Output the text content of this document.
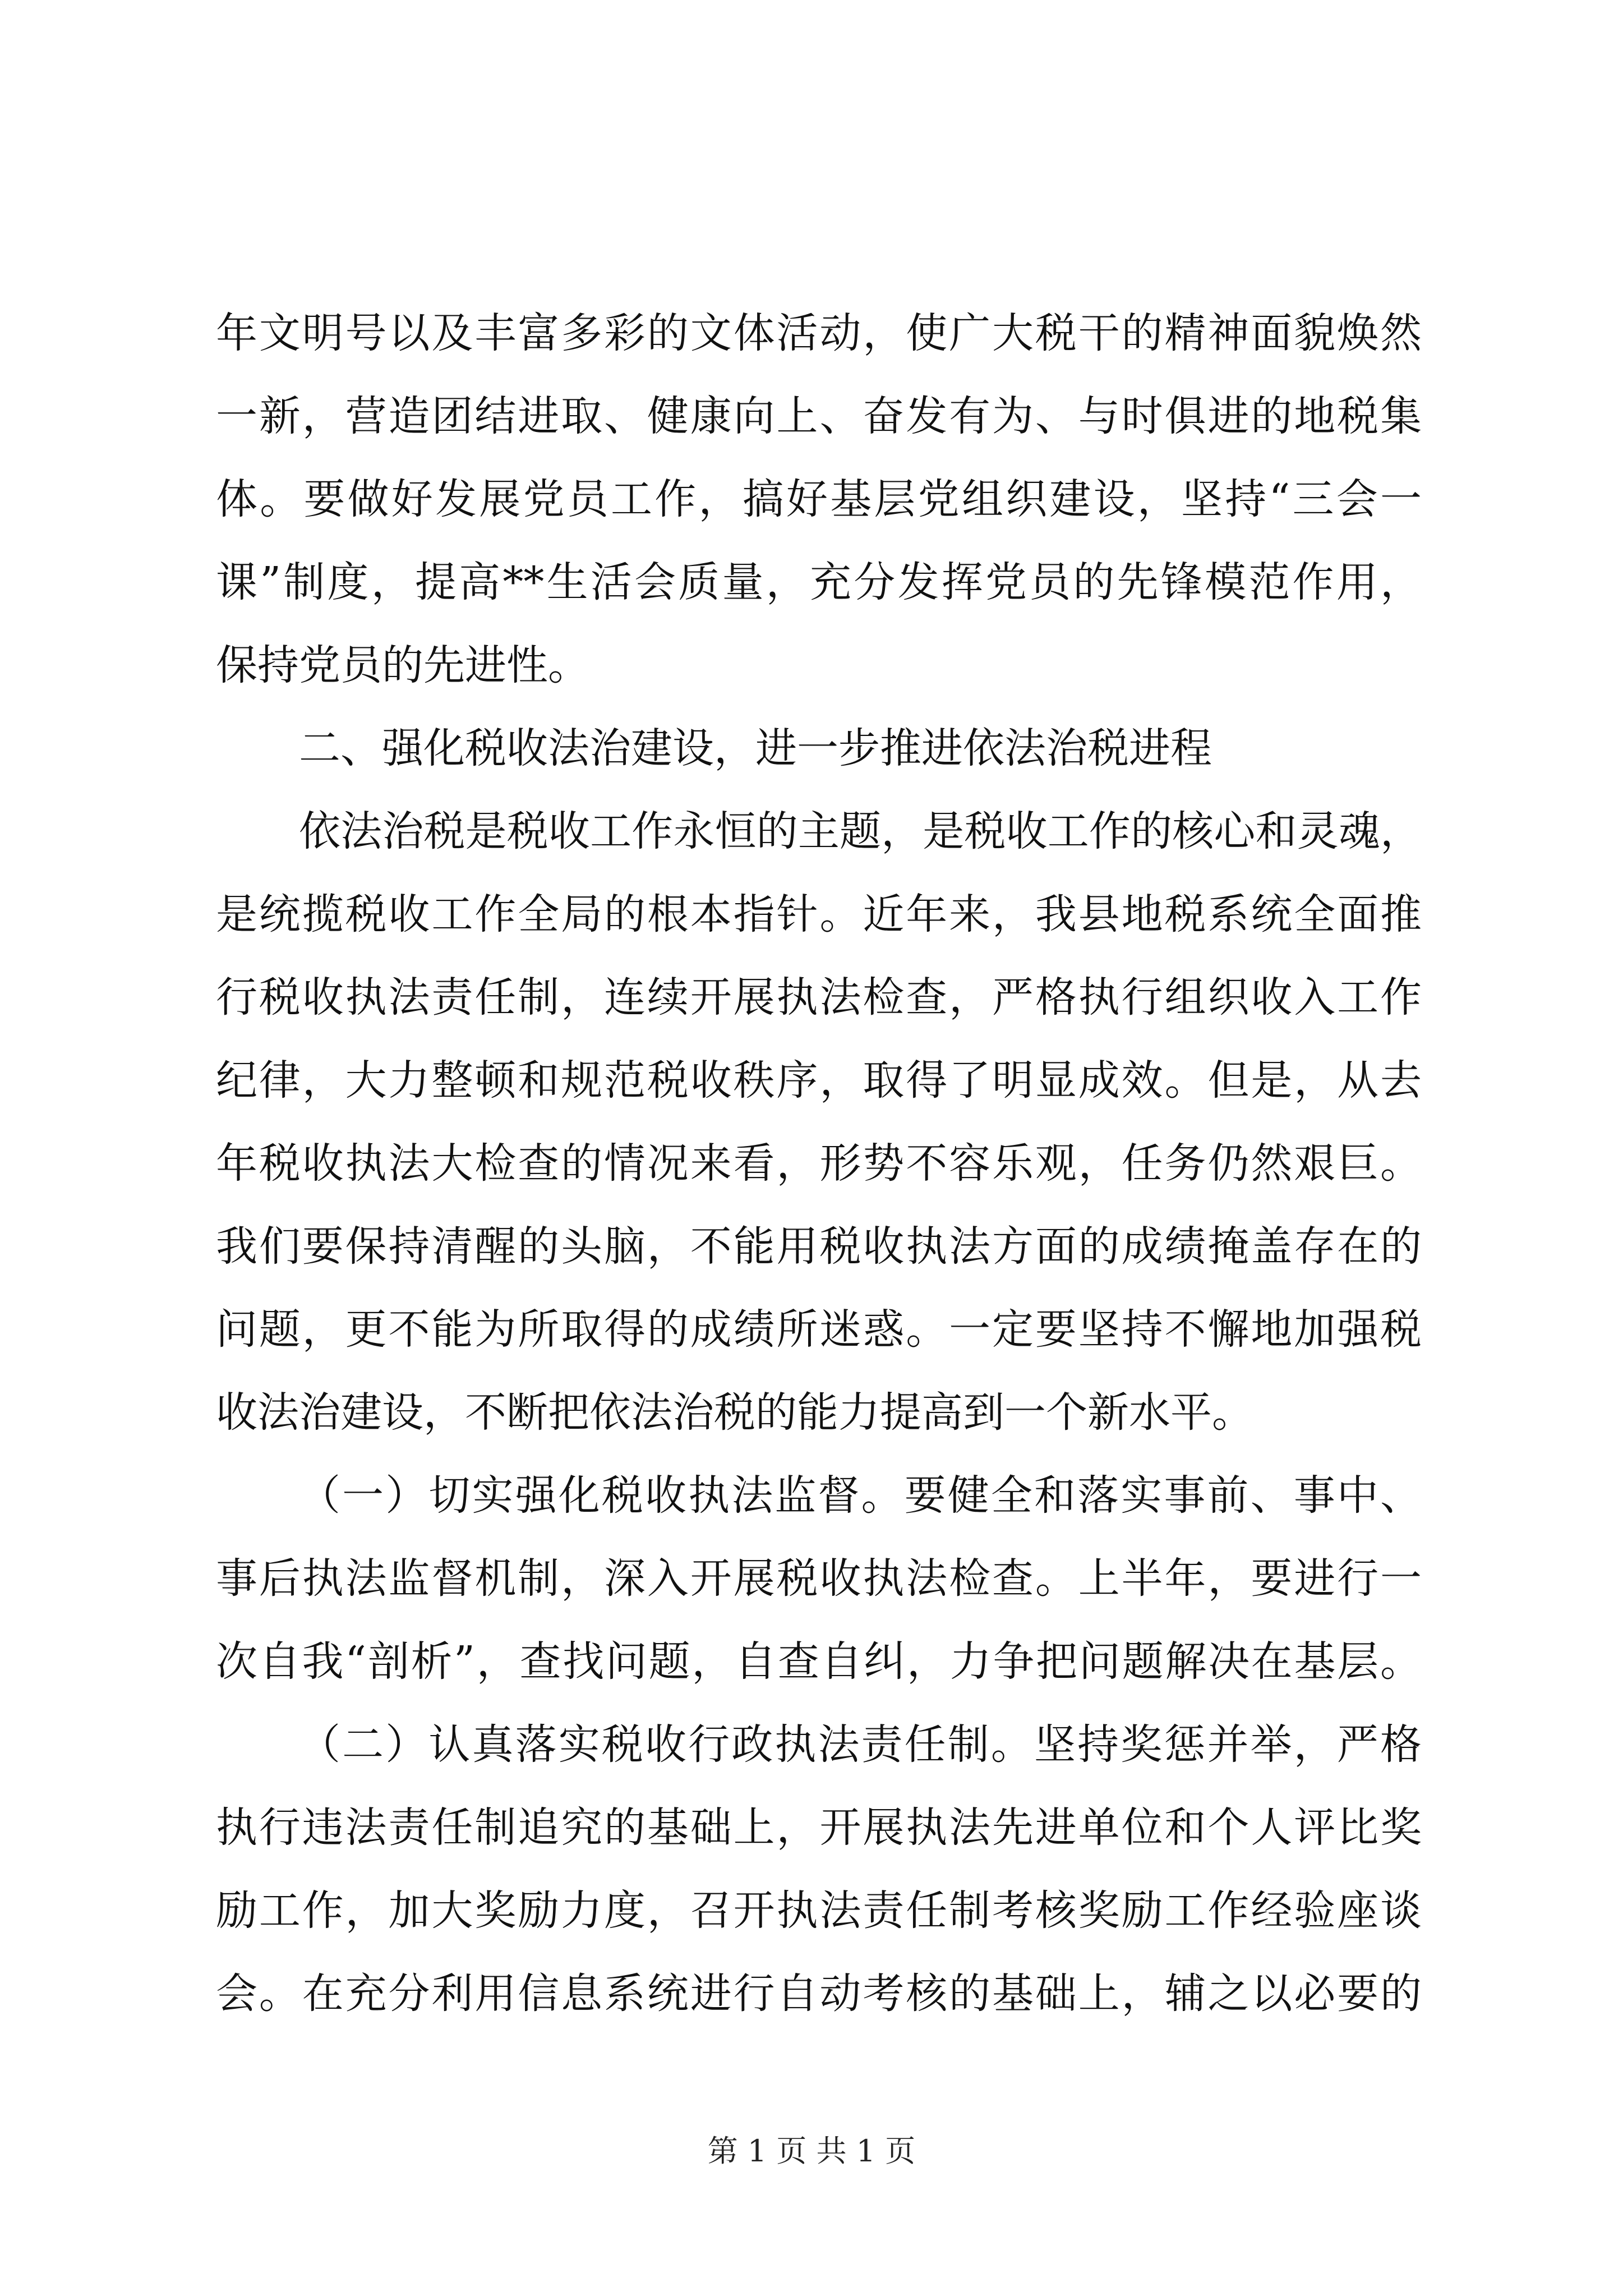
年文明号以及丰富多彩的文体活动，使广大税干的精神面貌焕然
一新，营造团结进取、健康向上、奋发有为、与时俱进的地税集
体。要做好发展党员工作，搞好基层党组织建设，坚持“三会一
课”制度，提高**生活会质量，充分发挥党员的先锋模范作用，
保持党员的先进性。
二、强化税收法治建设，进一步推进依法治税进程
依法治税是税收工作永恒的主题，是税收工作的核心和灵魂，
是统揽税收工作全局的根本指针。近年来，我县地税系统全面推
行税收执法责任制，连续开展执法检查，严格执行组织收入工作
纪律，大力整顿和规范税收秩序，取得了明显成效。但是，从去
年税收执法大检查的情况来看，形势不容乐观，任务仍然艰巨。
我们要保持清醒的头脑，不能用税收执法方面的成绩掩盖存在的
问题，更不能为所取得的成绩所迷惑。一定要坚持不懈地加强税
收法治建设，不断把依法治税的能力提高到一个新水平。
（一）切实强化税收执法监督。要健全和落实事前、事中、
事后执法监督机制，深入开展税收执法检查。上半年，要进行一
次自我“剖析”，查找问题，自查自纠，力争把问题解决在基层。
（二）认真落实税收行政执法责任制。坚持奖惩并举，严格
执行违法责任制追究的基础上，开展执法先进单位和个人评比奖
励工作，加大奖励力度，召开执法责任制考核奖励工作经验座谈
会。在充分利用信息系统进行自动考核的基础上，辅之以必要的
第 1 页 共 1 页
